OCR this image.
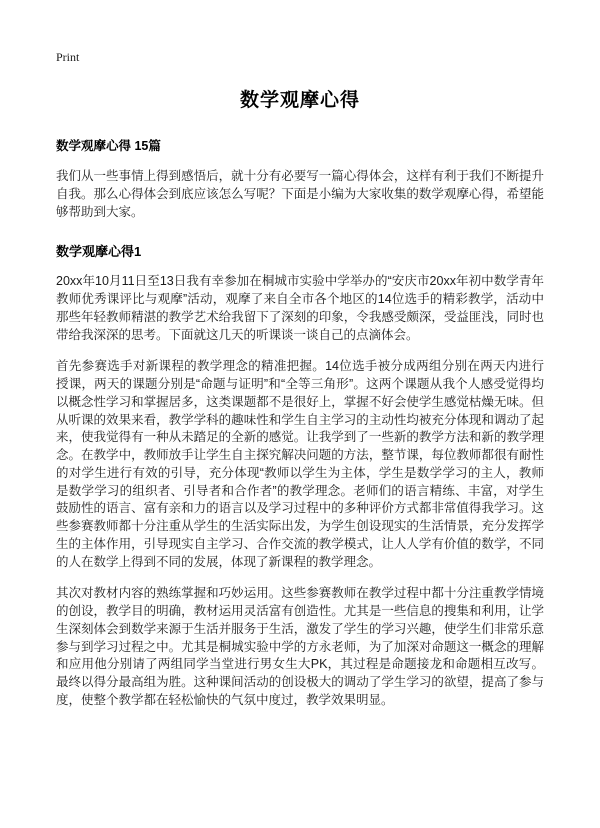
Print
数学观摩心得
数学观摩心得 15篇

我们从一些事情上得到感悟后，就十分有必要写一篇心得体会，这样有利于我们不断提升自我。那么心得体会到底应该怎么写呢？下面是小编为大家收集的数学观摩心得，希望能够帮助到大家。

数学观摩心得1

20xx年10月11日至13日我有幸参加在桐城市实验中学举办的“安庆市20xx年初中数学青年教师优秀课评比与观摩”活动，观摩了来自全市各个地区的14位选手的精彩教学，活动中那些年轻教师精湛的教学艺术给我留下了深刻的印象，令我感受颇深，受益匪浅，同时也带给我深深的思考。下面就这几天的听课谈一谈自己的点滴体会。

首先参赛选手对新课程的教学理念的精准把握。14位选手被分成两组分别在两天内进行授课，两天的课题分别是“命题与证明”和“全等三角形”。这两个课题从我个人感受觉得均以概念性学习和掌握居多，这类课题都不是很好上，掌握不好会使学生感觉枯燥无味。但从听课的效果来看，教学学科的趣味性和学生自主学习的主动性均被充分体现和调动了起来，使我觉得有一种从未踏足的全新的感觉。让我学到了一些新的教学方法和新的教学理念。在教学中，教师放手让学生自主探究解决问题的方法，整节课，每位教师都很有耐性的对学生进行有效的引导，充分体现“教师以学生为主体，学生是数学学习的主人，教师是数学学习的组织者、引导者和合作者”的教学理念。老师们的语言精练、丰富，对学生鼓励性的语言、富有亲和力的语言以及学习过程中的多种评价方式都非常值得我学习。这些参赛教师都十分注重从学生的生活实际出发，为学生创设现实的生活情景，充分发挥学生的主体作用，引导现实自主学习、合作交流的教学模式，让人人学有价值的数学，不同的人在数学上得到不同的发展，体现了新课程的教学理念。

其次对教材内容的熟练掌握和巧妙运用。这些参赛教师在教学过程中都十分注重教学情境的创设，教学目的明确，教材运用灵活富有创造性。尤其是一些信息的搜集和利用，让学生深刻体会到数学来源于生活并服务于生活，激发了学生的学习兴趣，使学生们非常乐意参与到学习过程之中。尤其是桐城实验中学的方永老师，为了加深对命题这一概念的理解和应用他分别请了两组同学当堂进行男女生大PK，其过程是命题接龙和命题相互改写。最终以得分最高组为胜。这种课间活动的创设极大的调动了学生学习的欲望，提高了参与度，使整个教学都在轻松愉快的气氛中度过，教学效果明显。
